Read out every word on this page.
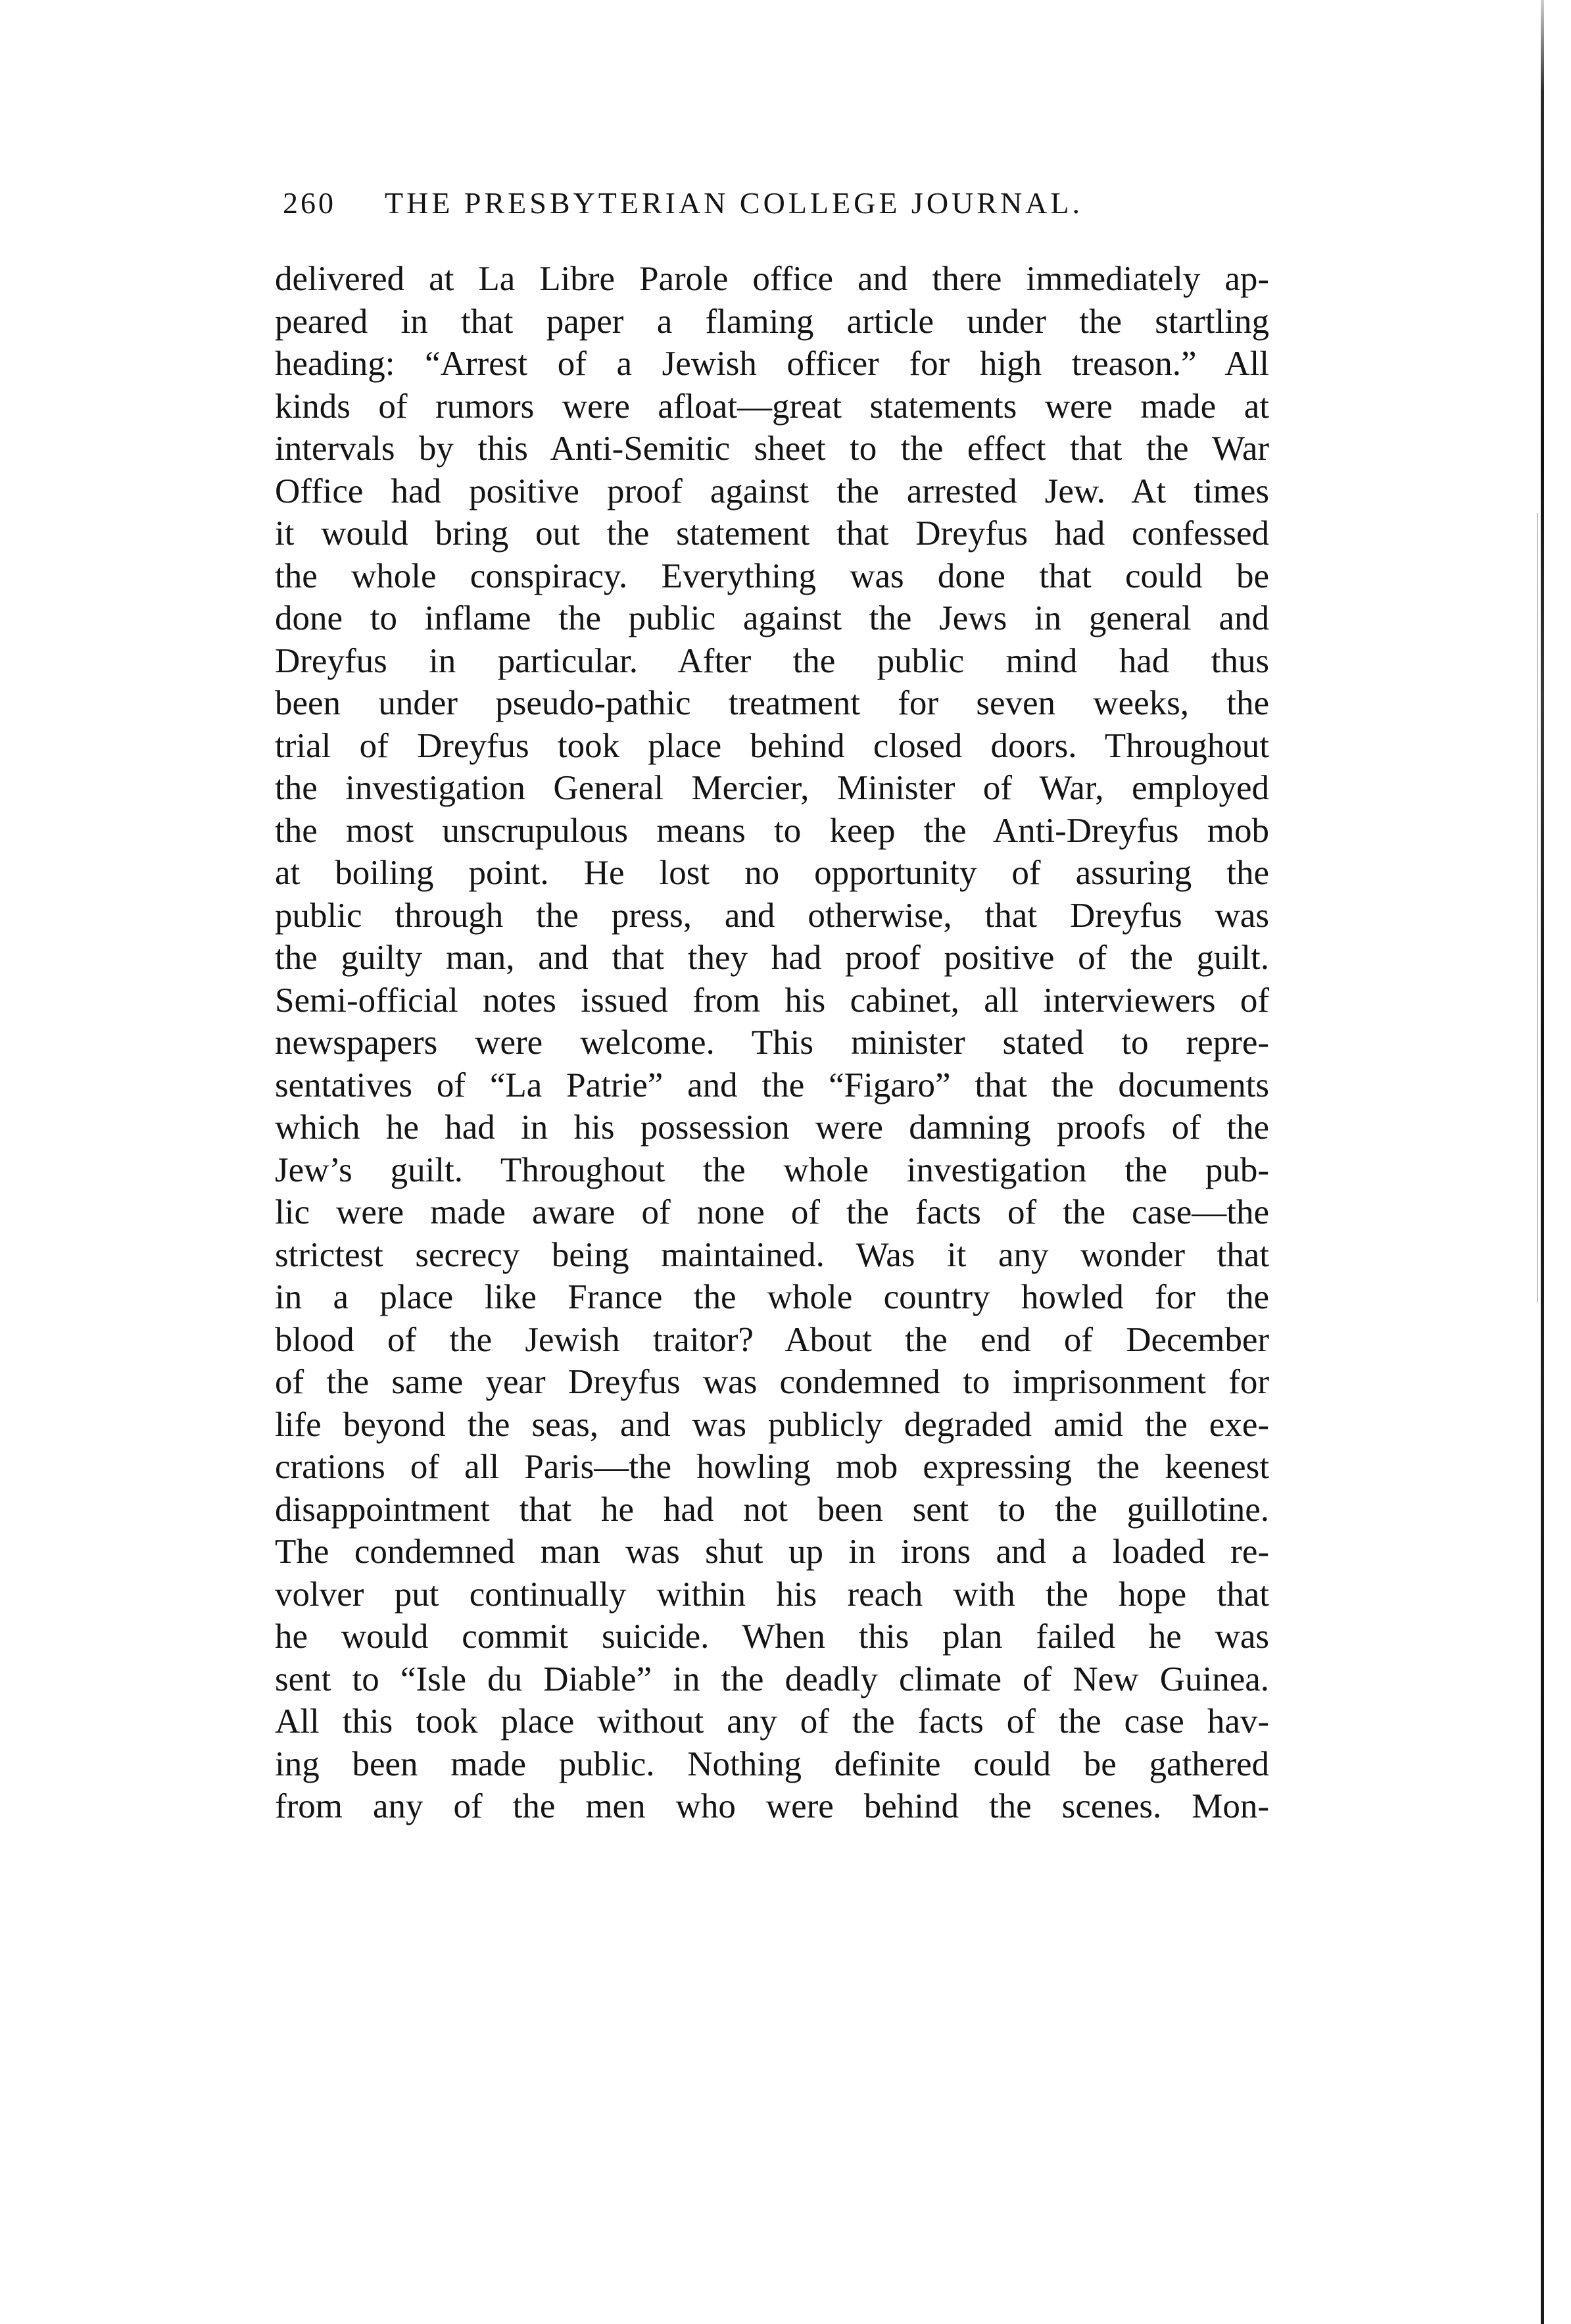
260	THE PRESBYTERIAN COLLEGE JOURNAL.
delivered at La Libre Parole office and there immediately ap-
peared in that paper a flaming article under the startling
heading: “Arrest of a Jewish officer for high treason.” All
kinds of rumors were afloat—great statements were made at
intervals by this Anti-Semitic sheet to the effect that the War
Office had positive proof against the arrested Jew. At times
it would bring out the statement that Dreyfus had confessed
the whole conspiracy. Everything was done that could be
done to inflame the public against the Jews in general and
Dreyfus in particular. After the public mind had thus
been under pseudo-pathic treatment for seven weeks, the
trial of Dreyfus took place behind closed doors. Throughout
the investigation General Mercier, Minister of War, employed
the most unscrupulous means to keep the Anti-Dreyfus mob
at boiling point. He lost no opportunity of assuring the
public through the press, and otherwise, that Dreyfus was
the guilty man, and that they had proof positive of the guilt.
Semi-official notes issued from his cabinet, all interviewers of
newspapers were welcome. This minister stated to repre-
sentatives of “La Patrie” and the “Figaro” that the documents
which he had in his possession were damning proofs of the
Jew’s guilt. Throughout the whole investigation the pub-
lic were made aware of none of the facts of the case—the
strictest secrecy being maintained. Was it any wonder that
in a place like France the whole country howled for the
blood of the Jewish traitor? About the end of December
of the same year Dreyfus was condemned to imprisonment for
life beyond the seas, and was publicly degraded amid the exe-
crations of all Paris—the howling mob expressing the keenest
disappointment that he had not been sent to the guillotine.
The condemned man was shut up in irons and a loaded re-
volver put continually within his reach with the hope that
he would commit suicide. When this plan failed he was
sent to “Isle du Diable” in the deadly climate of New Guinea.
All this took place without any of the facts of the case hav-
ing been made public. Nothing definite could be gathered
from any of the men who were behind the scenes. Mon-
